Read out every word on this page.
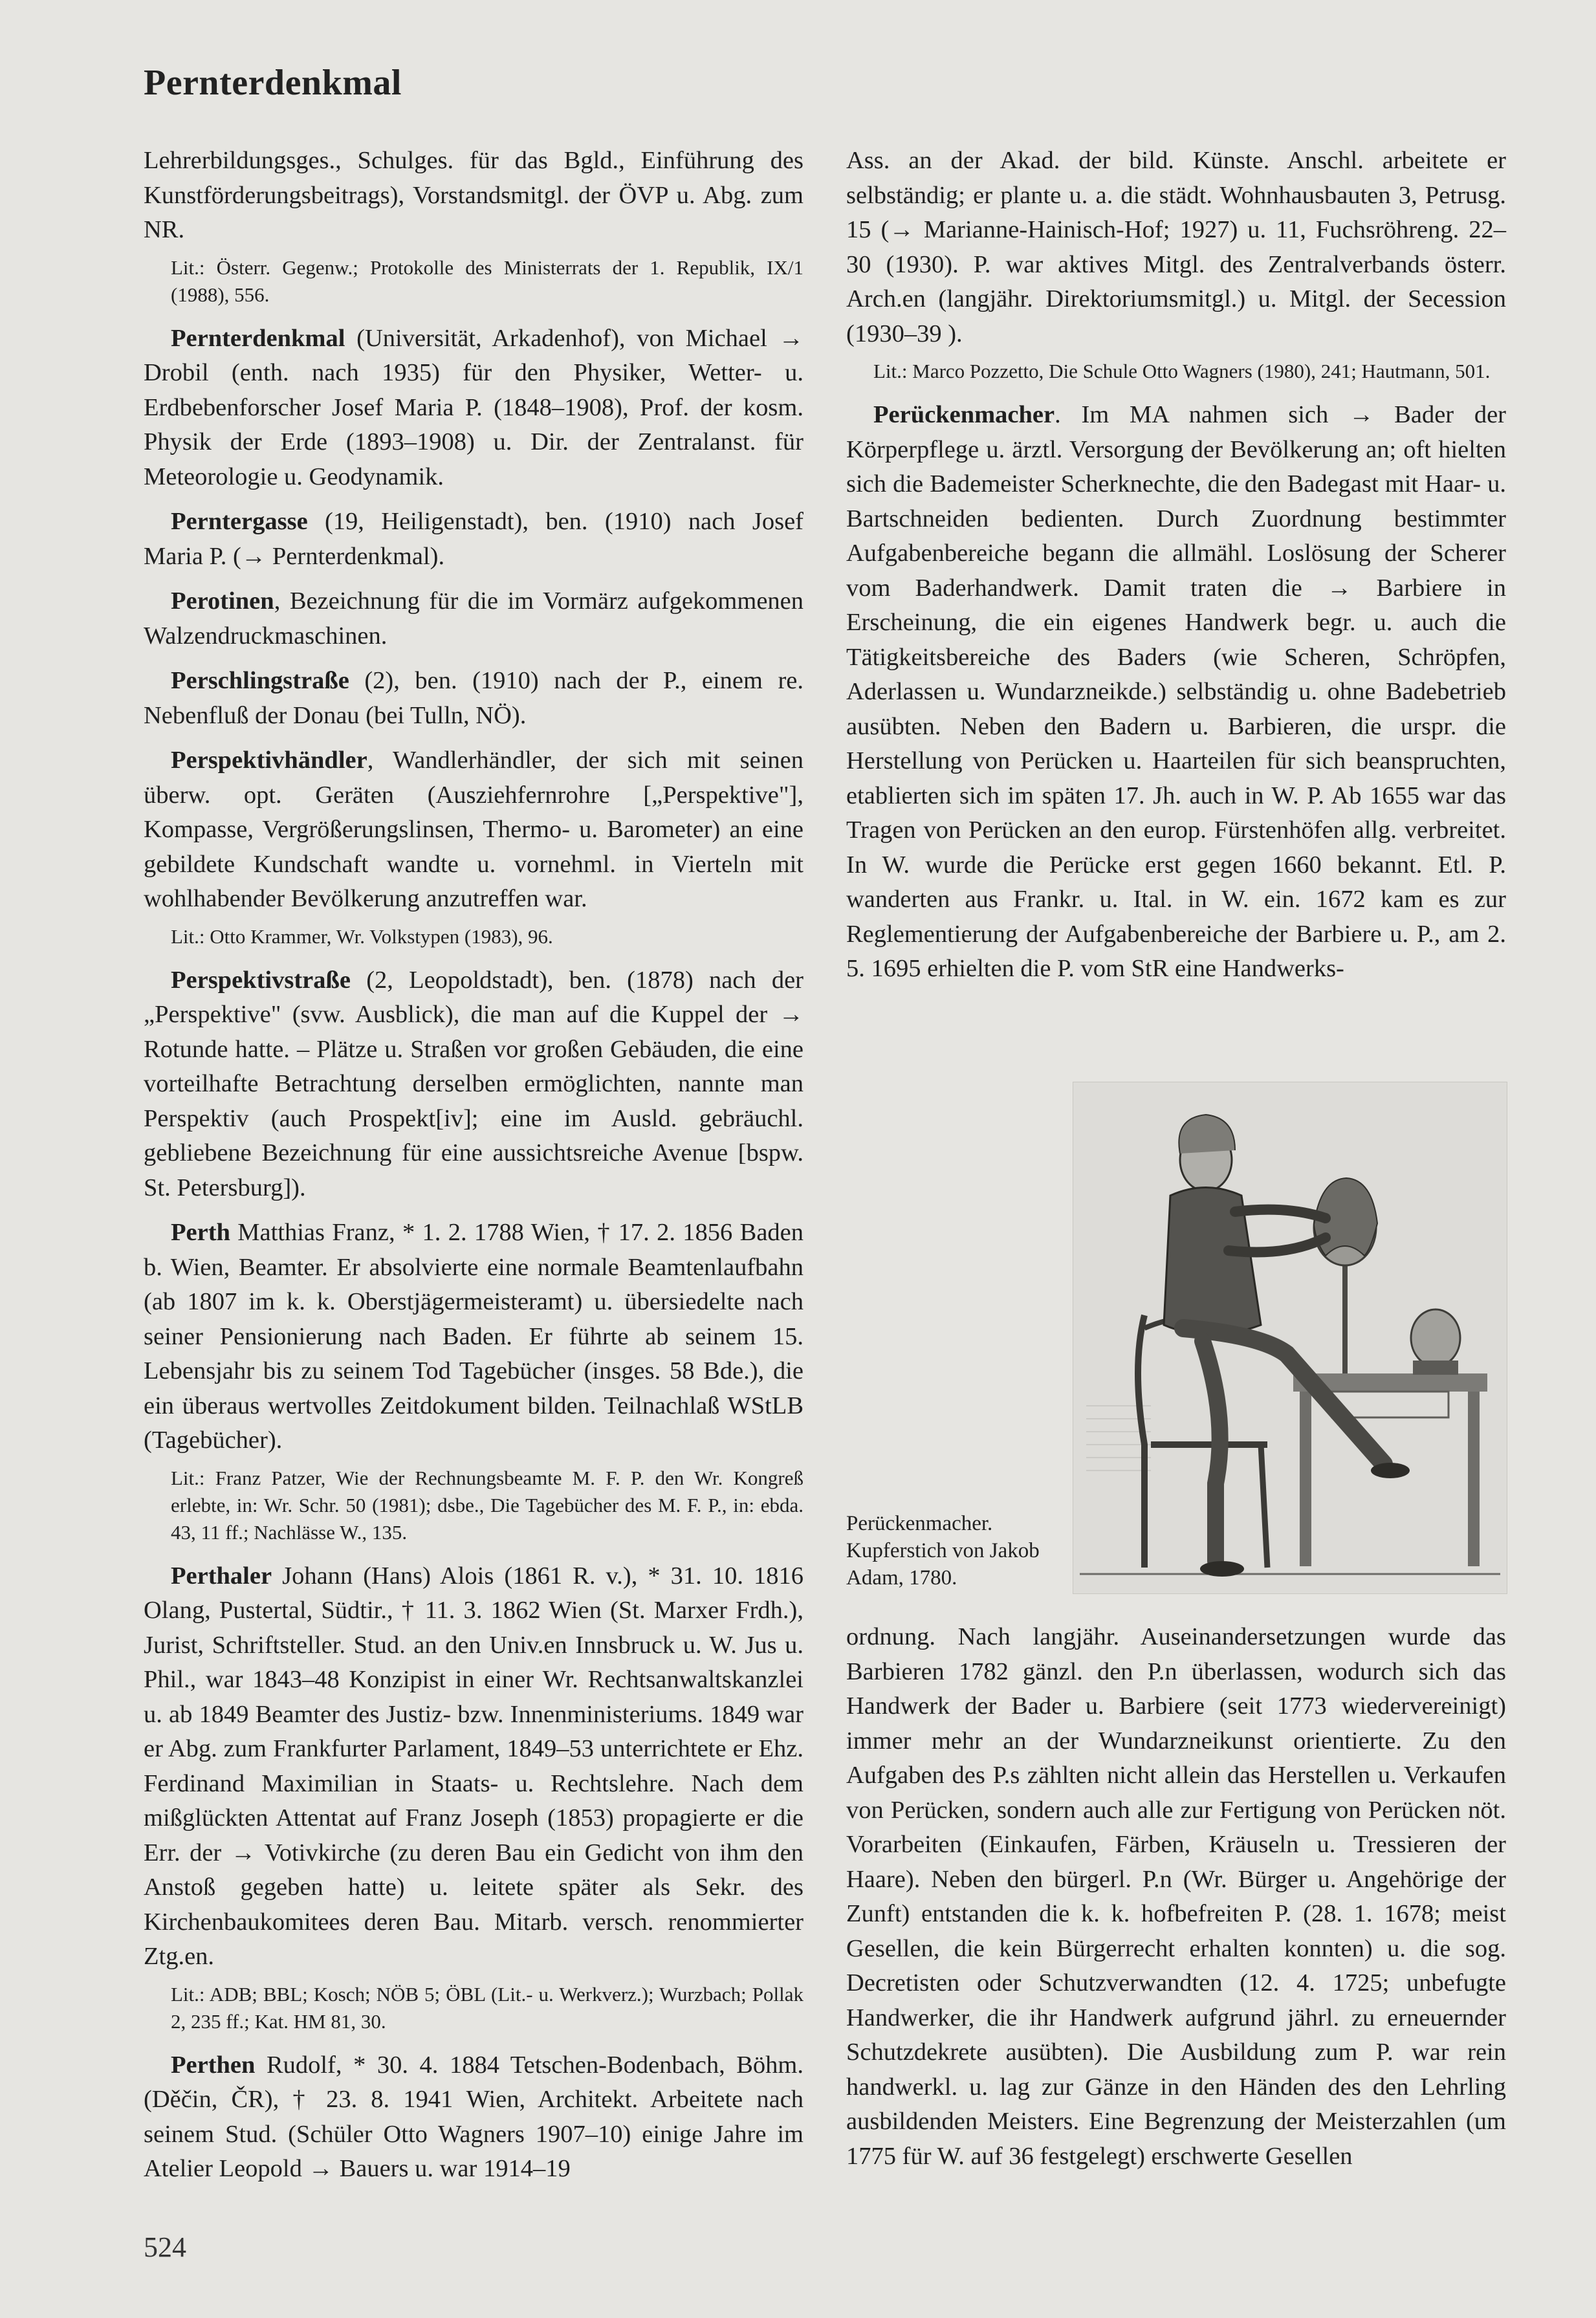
Pernterdenkmal

Lehrerbildungsges., Schulges. für das Bgld., Einführung des Kunstförderungsbeitrags), Vorstandsmitgl. der ÖVP u. Abg. zum NR.

Lit.: Österr. Gegenw.; Protokolle des Ministerrats der 1. Republik, IX/1 (1988), 556.

Pernterdenkmal (Universität, Arkadenhof), von Michael → Drobil (enth. nach 1935) für den Physiker, Wetter- u. Erdbebenforscher Josef Maria P. (1848–1908), Prof. der kosm. Physik der Erde (1893–1908) u. Dir. der Zentralanst. für Meteorologie u. Geodynamik.

Perntergasse (19, Heiligenstadt), ben. (1910) nach Josef Maria P. (→ Pernterdenkmal).

Perotinen, Bezeichnung für die im Vormärz aufgekommenen Walzendruckmaschinen.

Perschlingstraße (2), ben. (1910) nach der P., einem re. Nebenfluß der Donau (bei Tulln, NÖ).

Perspektivhändler, Wandlerhändler, der sich mit seinen überw. opt. Geräten (Ausziehfernrohre [„Perspektive"], Kompasse, Vergrößerungslinsen, Thermo- u. Barometer) an eine gebildete Kundschaft wandte u. vornehml. in Vierteln mit wohlhabender Bevölkerung anzutreffen war.

Lit.: Otto Krammer, Wr. Volkstypen (1983), 96.

Perspektivstraße (2, Leopoldstadt), ben. (1878) nach der „Perspektive" (svw. Ausblick), die man auf die Kuppel der → Rotunde hatte. – Plätze u. Straßen vor großen Gebäuden, die eine vorteilhafte Betrachtung derselben ermöglichten, nannte man Perspektiv (auch Prospekt[iv]; eine im Ausld. gebräuchl. gebliebene Bezeichnung für eine aussichtsreiche Avenue [bspw. St. Petersburg]).

Perth Matthias Franz, * 1. 2. 1788 Wien, † 17. 2. 1856 Baden b. Wien, Beamter. Er absolvierte eine normale Beamtenlaufbahn (ab 1807 im k. k. Oberstjägermeisteramt) u. übersiedelte nach seiner Pensionierung nach Baden. Er führte ab seinem 15. Lebensjahr bis zu seinem Tod Tagebücher (insges. 58 Bde.), die ein überaus wertvolles Zeitdokument bilden. Teilnachlaß WStLB (Tagebücher).

Lit.: Franz Patzer, Wie der Rechnungsbeamte M. F. P. den Wr. Kongreß erlebte, in: Wr. Schr. 50 (1981); dsbe., Die Tagebücher des M. F. P., in: ebda. 43, 11 ff.; Nachlässe W., 135.

Perthaler Johann (Hans) Alois (1861 R. v.), * 31. 10. 1816 Olang, Pustertal, Südtir., † 11. 3. 1862 Wien (St. Marxer Frdh.), Jurist, Schriftsteller. Stud. an den Univ.en Innsbruck u. W. Jus u. Phil., war 1843–48 Konzipist in einer Wr. Rechtsanwaltskanzlei u. ab 1849 Beamter des Justiz- bzw. Innenministeriums. 1849 war er Abg. zum Frankfurter Parlament, 1849–53 unterrichtete er Ehz. Ferdinand Maximilian in Staats- u. Rechtslehre. Nach dem mißglückten Attentat auf Franz Joseph (1853) propagierte er die Err. der → Votivkirche (zu deren Bau ein Gedicht von ihm den Anstoß gegeben hatte) u. leitete später als Sekr. des Kirchenbaukomitees deren Bau. Mitarb. versch. renommierter Ztg.en.

Lit.: ADB; BBL; Kosch; NÖB 5; ÖBL (Lit.- u. Werkverz.); Wurzbach; Pollak 2, 235 ff.; Kat. HM 81, 30.

Perthen Rudolf, * 30. 4. 1884 Tetschen-Bodenbach, Böhm. (Děčin, ČR), † 23. 8. 1941 Wien, Architekt. Arbeitete nach seinem Stud. (Schüler Otto Wagners 1907–10) einige Jahre im Atelier Leopold → Bauers u. war 1914–19

Ass. an der Akad. der bild. Künste. Anschl. arbeitete er selbständig; er plante u. a. die städt. Wohnhausbauten 3, Petrusg. 15 (→ Marianne-Hainisch-Hof; 1927) u. 11, Fuchsröhreng. 22–30 (1930). P. war aktives Mitgl. des Zentralverbands österr. Arch.en (langjähr. Direktoriumsmitgl.) u. Mitgl. der Secession (1930–39 ).

Lit.: Marco Pozzetto, Die Schule Otto Wagners (1980), 241; Hautmann, 501.

Perückenmacher. Im MA nahmen sich → Bader der Körperpflege u. ärztl. Versorgung der Bevölkerung an; oft hielten sich die Bademeister Scherknechte, die den Badegast mit Haar- u. Bartschneiden bedienten. Durch Zuordnung bestimmter Aufgabenbereiche begann die allmähl. Loslösung der Scherer vom Baderhandwerk. Damit traten die → Barbiere in Erscheinung, die ein eigenes Handwerk begr. u. auch die Tätigkeitsbereiche des Baders (wie Scheren, Schröpfen, Aderlassen u. Wundarzneikde.) selbständig u. ohne Badebetrieb ausübten. Neben den Badern u. Barbieren, die urspr. die Herstellung von Perücken u. Haarteilen für sich beanspruchten, etablierten sich im späten 17. Jh. auch in W. P. Ab 1655 war das Tragen von Perücken an den europ. Fürstenhöfen allg. verbreitet. In W. wurde die Perücke erst gegen 1660 bekannt. Etl. P. wanderten aus Frankr. u. Ital. in W. ein. 1672 kam es zur Reglementierung der Aufgabenbereiche der Barbiere u. P., am 2. 5. 1695 erhielten die P. vom StR eine Handwerks-

Perückenmacher. Kupferstich von Jakob Adam, 1780.

ordnung. Nach langjähr. Auseinandersetzungen wurde das Barbieren 1782 gänzl. den P.n überlassen, wodurch sich das Handwerk der Bader u. Barbiere (seit 1773 wiedervereinigt) immer mehr an der Wundarzneikunst orientierte. Zu den Aufgaben des P.s zählten nicht allein das Herstellen u. Verkaufen von Perücken, sondern auch alle zur Fertigung von Perücken nöt. Vorarbeiten (Einkaufen, Färben, Kräuseln u. Tressieren der Haare). Neben den bürgerl. P.n (Wr. Bürger u. Angehörige der Zunft) entstanden die k. k. hofbefreiten P. (28. 1. 1678; meist Gesellen, die kein Bürgerrecht erhalten konnten) u. die sog. Decretisten oder Schutzverwandten (12. 4. 1725; unbefugte Handwerker, die ihr Handwerk aufgrund jährl. zu erneuernder Schutzdekrete ausübten). Die Ausbildung zum P. war rein handwerkl. u. lag zur Gänze in den Händen des den Lehrling ausbildenden Meisters. Eine Begrenzung der Meisterzahlen (um 1775 für W. auf 36 festgelegt) erschwerte Gesellen

524
